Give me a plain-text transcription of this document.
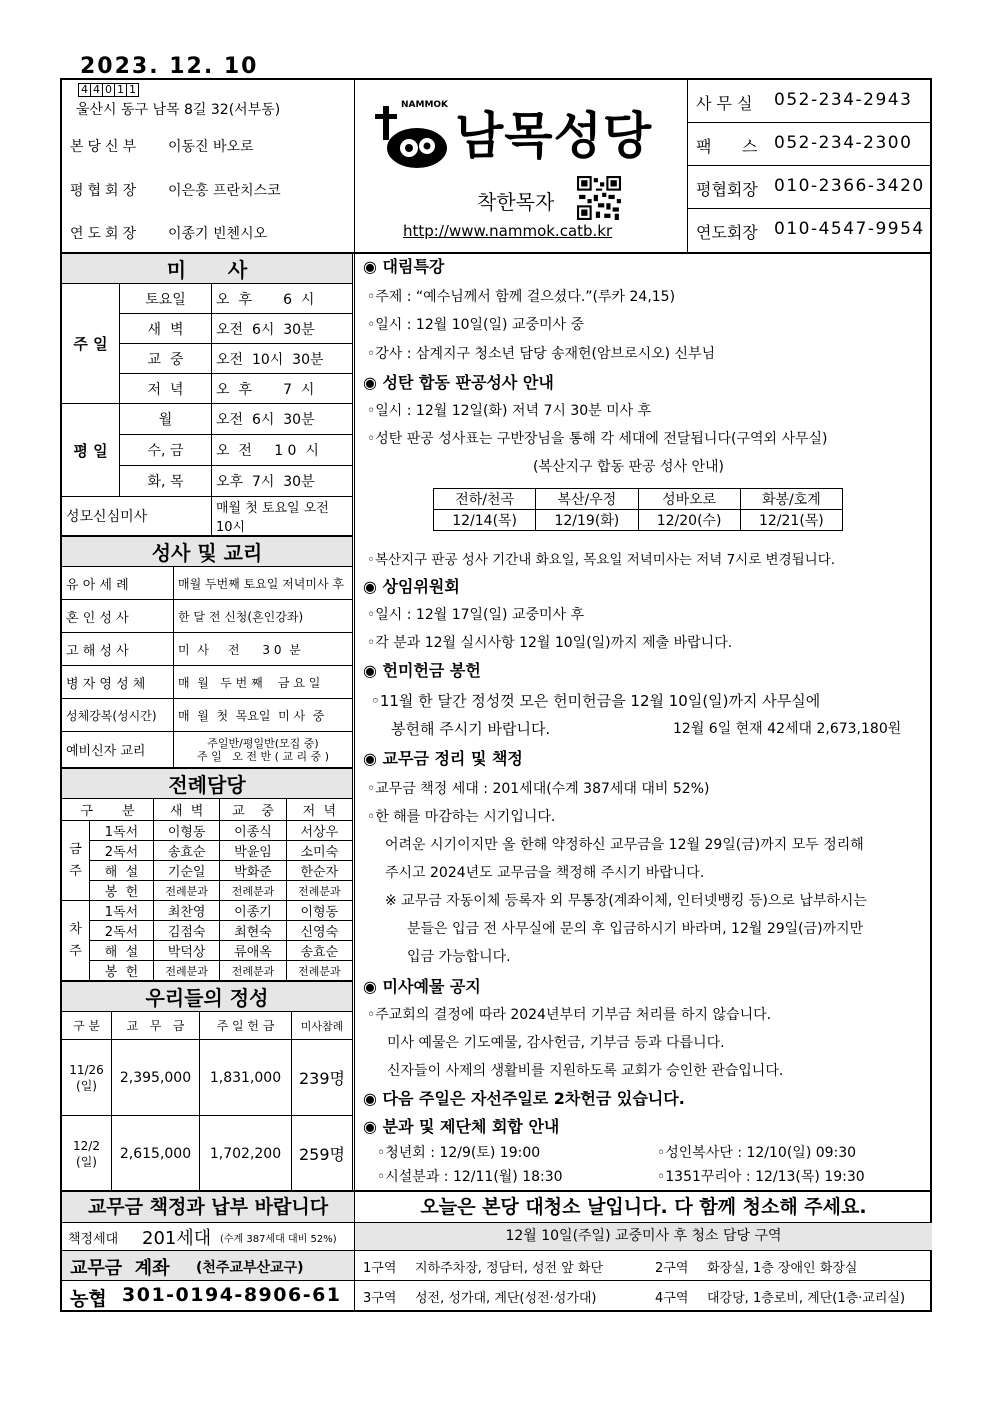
2023. 12. 10
4 4 0 1 1
울산시 동구 남목 8길 32(서부동)
본당신부 이동진 바오로
평협회장 이은홍 프란치스코
연도회장 이종기 빈첸시오
NAMMOK
남목성당
착한목자
http://www.nammok.catb.kr
사 무 실 052-234-2943
팩      스 052-234-2300
평협회장 010-2366-3420
연도회장 010-4547-9954
미      사		
주 일	토요일	오  후       6  시
	새  벽	오전  6시  30분
	교  중	오전  10시  30분
	저  녁	오  후       7  시
평 일	월	오전  6시  30분
	수, 금	오  전     1 0  시
	화, 목	오후  7시  30분
성모신심미사		매월 첫 토요일 오전 10시
성사 및 교리	
유 아 세 례	매월 두번째 토요일 저녁미사 후
혼 인 성 사	한 달 전 신청(혼인강좌)
고 해 성 사	미  사     전      3 0  분
병 자 영 성 체	매  월   두 번 째    금 요 일
성체강복(성시간)	매  월  첫  목요일  미 사  중
예비신자 교리	주일반/평일반(모집 중)
주 일   오 전 반 ( 교 리 중 )
전례담당				
구       분		새  벽	교    중	저  녁
금주	1독서	이형동	이종식	서상우
	2독서	송효순	박윤임	소미숙
	해  설	기순일	박화준	한순자
	봉  헌	전례분과	전례분과	전례분과
차주	1독서	최찬영	이종기	이형동
	2독서	김점숙	최현숙	신영숙
	해  설	박덕상	류애옥	송효순
	봉  헌	전례분과	전례분과	전례분과
우리들의 정성			
구 분	교   무   금	주 일 헌 금	미사참례

11/26
(일)	2,395,000	1,831,000	239명

12/2
(일)	2,615,000	1,702,200	259명
◉ 대림특강
◦주제 : “예수님께서 함께 걸으셨다.”(루카 24,15)
◦일시 : 12월 10일(일) 교중미사 중
◦강사 : 삼계지구 청소년 담당 송재헌(암브로시오) 신부님
◉ 성탄 합동 판공성사 안내
◦일시 : 12월 12일(화) 저녁 7시 30분 미사 후
◦성탄 판공 성사표는 구반장님을 통해 각 세대에 전달됩니다(구역외 사무실)
(복산지구 합동 판공 성사 안내)
전하/천곡	복산/우정	성바오로	화봉/호계
12/14(목)	12/19(화)	12/20(수)	12/21(목)
◦복산지구 판공 성사 기간내 화요일, 목요일 저녁미사는 저녁 7시로 변경됩니다.
◉ 상임위원회
◦일시 : 12월 17일(일) 교중미사 후
◦각 분과 12월 실시사항 12월 10일(일)까지 제출 바랍니다.
◉ 헌미헌금 봉헌
◦11월 한 달간 정성껏 모은 헌미헌금을 12월 10일(일)까지 사무실에
봉헌해 주시기 바랍니다.	12월 6일 현재 42세대 2,673,180원
◉ 교무금 정리 및 책정
◦교무금 책정 세대 : 201세대(수계 387세대 대비 52%)
◦한 해를 마감하는 시기입니다.
어려운 시기이지만 올 한해 약정하신 교무금을 12월 29일(금)까지 모두 정리해
주시고 2024년도 교무금을 책정해 주시기 바랍니다.
※ 교무금 자동이체 등록자 외 무통장(계좌이체, 인터넷뱅킹 등)으로 납부하시는
분들은 입금 전 사무실에 문의 후 입금하시기 바라며, 12월 29일(금)까지만
입금 가능합니다.
◉ 미사예물 공지
◦주교회의 결정에 따라 2024년부터 기부금 처리를 하지 않습니다.
미사 예물은 기도예물, 감사헌금, 기부금 등과 다릅니다.
신자들이 사제의 생활비를 지원하도록 교회가 승인한 관습입니다.
◉ 다음 주일은 자선주일로 2차헌금 있습니다.
◉ 분과 및 제단체 회합 안내
◦청년회 : 12/9(토) 19:00	◦성인복사단 : 12/10(일) 09:30
◦시설분과 : 12/11(월) 18:30	◦1351꾸리아 : 12/13(목) 19:30
교무금 책정과 납부 바랍니다
책정세대 201세대 (수계 387세대 대비 52%)
교무금  계좌 (천주교부산교구)
농협 301-0194-8906-61
오늘은 본당 대청소 날입니다. 다 함께 청소해 주세요.
12월 10일(주일) 교중미사 후 청소 담당 구역
1구역 지하주차장, 정담터, 성전 앞 화단	2구역 화장실, 1층 장애인 화장실
3구역 성전, 성가대, 계단(성전·성가대)	4구역 대강당, 1층로비, 계단(1층·교리실)
